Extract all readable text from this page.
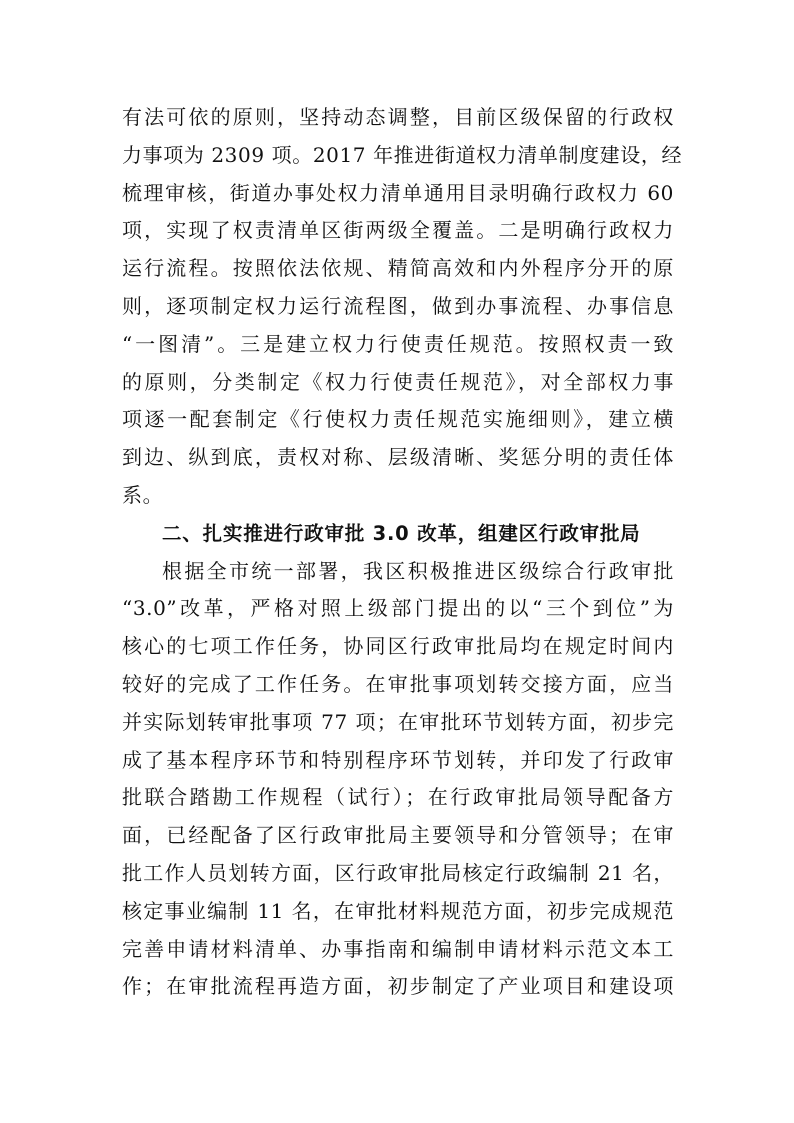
有法可依的原则，坚持动态调整，目前区级保留的行政权
力事项为 2309 项。2017 年推进街道权力清单制度建设，经
梳理审核，街道办事处权力清单通用目录明确行政权力 60
项，实现了权责清单区街两级全覆盖。二是明确行政权力
运行流程。按照依法依规、精简高效和内外程序分开的原
则，逐项制定权力运行流程图，做到办事流程、办事信息
“一图清”。三是建立权力行使责任规范。按照权责一致
的原则，分类制定《权力行使责任规范》，对全部权力事
项逐一配套制定《行使权力责任规范实施细则》，建立横
到边、纵到底，责权对称、层级清晰、奖惩分明的责任体
系。
二、扎实推进行政审批 3.0 改革，组建区行政审批局
根据全市统一部署，我区积极推进区级综合行政审批
“3.0”改革，严格对照上级部门提出的以“三个到位”为
核心的七项工作任务，协同区行政审批局均在规定时间内
较好的完成了工作任务。在审批事项划转交接方面，应当
并实际划转审批事项 77 项；在审批环节划转方面，初步完
成了基本程序环节和特别程序环节划转，并印发了行政审
批联合踏勘工作规程（试行）；在行政审批局领导配备方
面，已经配备了区行政审批局主要领导和分管领导；在审
批工作人员划转方面，区行政审批局核定行政编制 21 名，
核定事业编制 11 名，在审批材料规范方面，初步完成规范
完善申请材料清单、办事指南和编制申请材料示范文本工
作；在审批流程再造方面，初步制定了产业项目和建设项
